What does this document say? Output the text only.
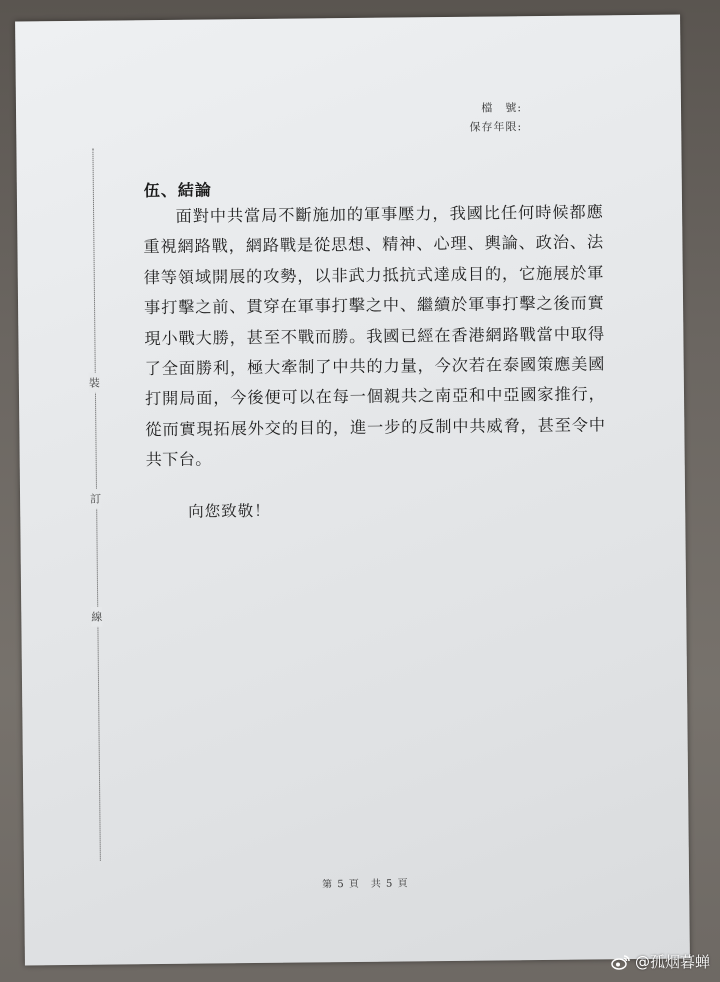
檔　號:
保存年限:
裝
訂
線
伍、結論
面對中共當局不斷施加的軍事壓力，我國比任何時候都應重視網路戰，網路戰是從思想、精神、心理、輿論、政治、法律等領域開展的攻勢，以非武力抵抗式達成目的，它施展於軍事打擊之前、貫穿在軍事打擊之中、繼續於軍事打擊之後而實現小戰大勝，甚至不戰而勝。我國已經在香港網路戰當中取得了全面勝利，極大牽制了中共的力量，今次若在泰國策應美國打開局面，今後便可以在每一個親共之南亞和中亞國家推行，從而實現拓展外交的目的，進一步的反制中共威脅，甚至令中共下台。
向您致敬！
第 5 頁　共 5 頁
@孤烟暮蝉
